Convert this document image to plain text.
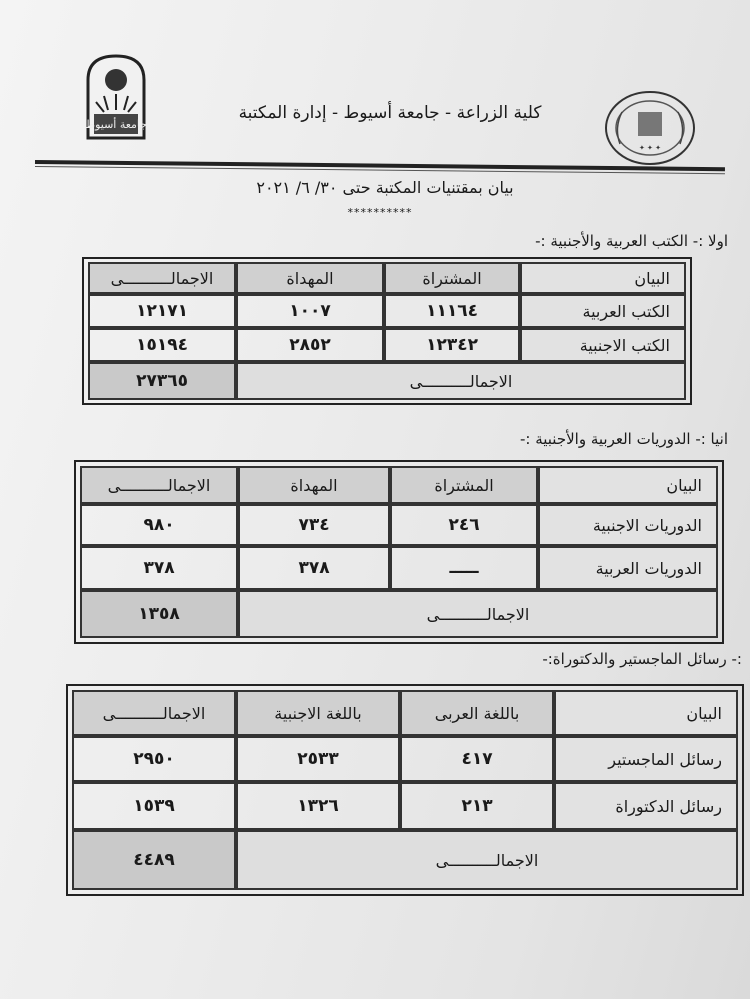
جامعة أسيوط
✦ ✦ ✦
كلية الزراعة - جامعة أسيوط - إدارة المكتبة
بيان بمقتنيات المكتبة حتى ٣٠/ ٦/ ٢٠٢١
**********
اولا :- الكتب العربية والأجنبية :-
الاجمالــــــــــى	المهداة	المشتراة	البيان
١٢١٧١	١٠٠٧	١١١٦٤	الكتب العربية
١٥١٩٤	٢٨٥٢	١٢٣٤٢	الكتب الاجنبية
٢٧٣٦٥	الاجمالــــــــــى
انيا :- الدوريات العربية والأجنبية :-
الاجمالــــــــــى	المهداة	المشتراة	البيان
٩٨٠	٧٣٤	٢٤٦	الدوريات الاجنبية
٣٧٨	٣٧٨	ـــــ	الدوريات العربية
١٣٥٨	الاجمالــــــــــى
:- رسائل الماجستير والدكتوراة:-
الاجمالــــــــــى	باللغة الاجنبية	باللغة العربى	البيان
٢٩٥٠	٢٥٣٣	٤١٧	رسائل الماجستير
١٥٣٩	١٣٢٦	٢١٣	رسائل الدكتوراة
٤٤٨٩	الاجمالــــــــــى
